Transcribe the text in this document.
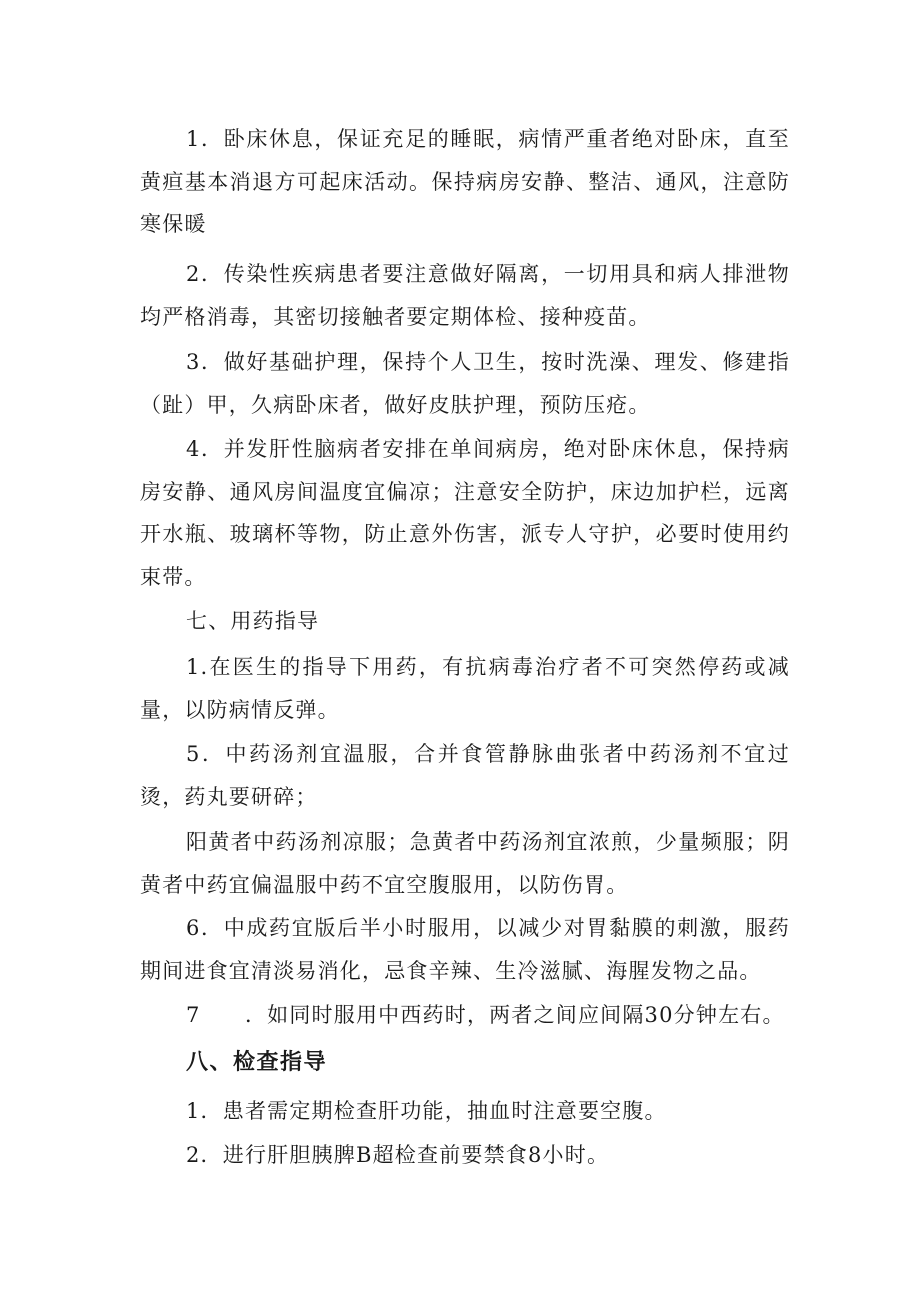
1．卧床休息，保证充足的睡眠，病情严重者绝对卧床，直至黄疸基本消退方可起床活动。保持病房安静、整洁、通风，注意防寒保暖

2．传染性疾病患者要注意做好隔离，一切用具和病人排泄物均严格消毒，其密切接触者要定期体检、接种疫苗。

3．做好基础护理，保持个人卫生，按时洗澡、理发、修建指（趾）甲，久病卧床者，做好皮肤护理，预防压疮。

4．并发肝性脑病者安排在单间病房，绝对卧床休息，保持病房安静、通风房间温度宜偏凉；注意安全防护，床边加护栏，远离开水瓶、玻璃杯等物，防止意外伤害，派专人守护，必要时使用约束带。

七、用药指导

1.在医生的指导下用药，有抗病毒治疗者不可突然停药或减量，以防病情反弹。

5．中药汤剂宜温服，合并食管静脉曲张者中药汤剂不宜过烫，药丸要研碎；

阳黄者中药汤剂凉服；急黄者中药汤剂宜浓煎，少量频服；阴黄者中药宜偏温服中药不宜空腹服用，以防伤胃。

6．中成药宜版后半小时服用，以减少对胃黏膜的刺激，服药期间进食宜清淡易消化，忌食辛辣、生冷滋腻、海腥发物之品。

7　　．如同时服用中西药时，两者之间应间隔30分钟左右。

八、检查指导

1．患者需定期检查肝功能，抽血时注意要空腹。

2．进行肝胆胰脾B超检查前要禁食8小时。
